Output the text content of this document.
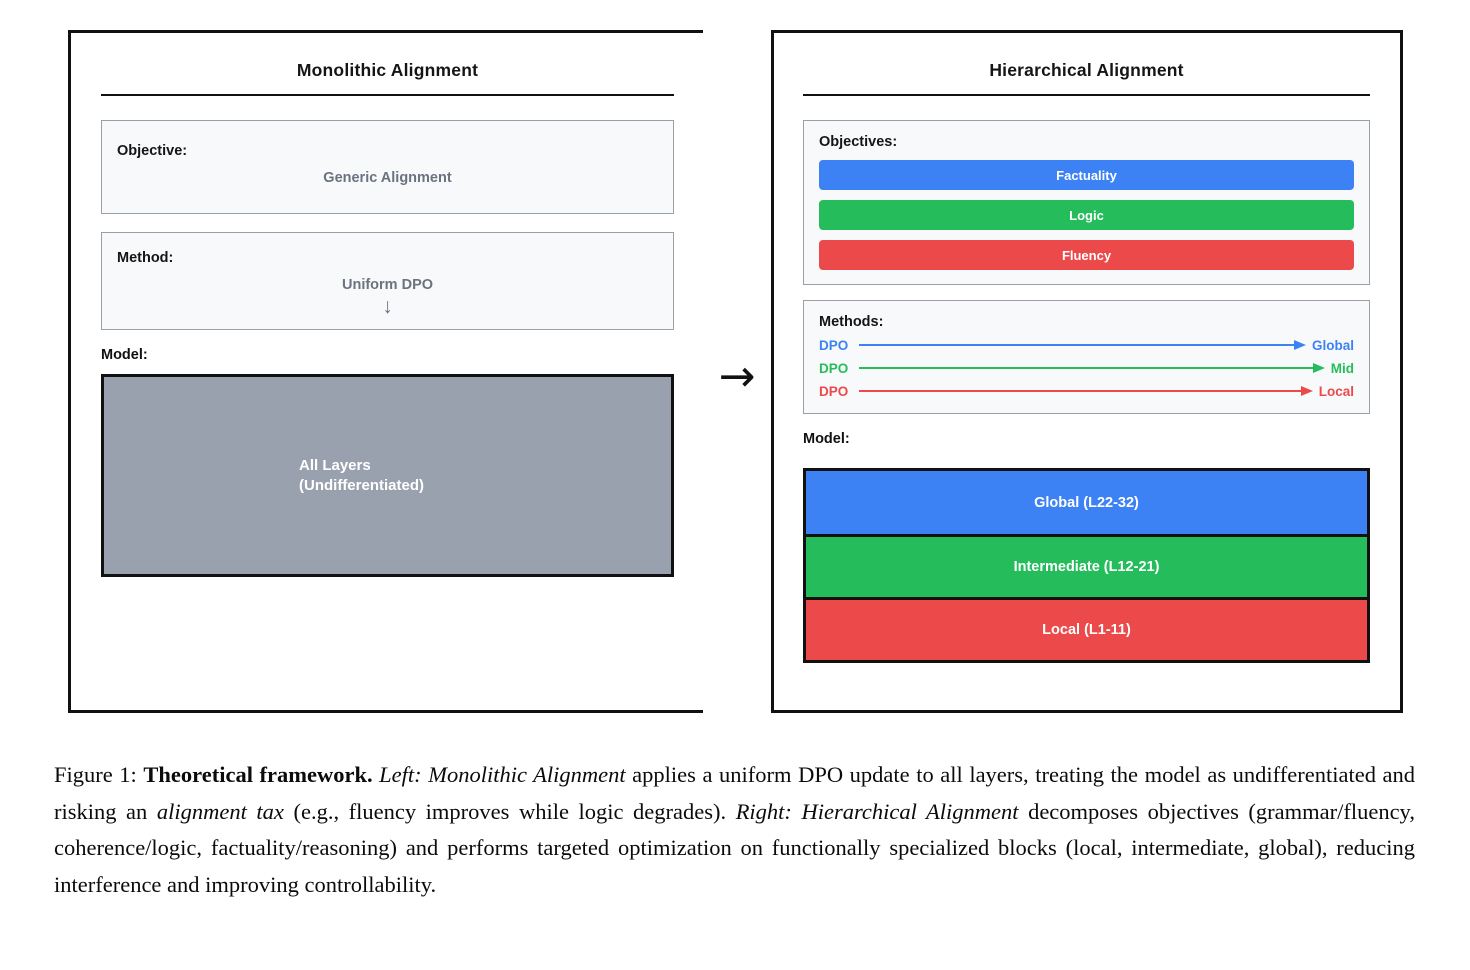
Monolithic Alignment
Objective:
Generic Alignment
Method:
Uniform DPO
↓
Model:
All Layers
(Undifferentiated)
→
Hierarchical Alignment
Objectives:
Factuality
Logic
Fluency
Methods:
DPO	Global
DPO	Mid
DPO	Local
Model:
Global (L22-32)
Intermediate (L12-21)
Local (L1-11)

Figure 1: Theoretical framework. Left: Monolithic Alignment applies a uniform DPO update to all layers, treating the model as undifferentiated and risking an alignment tax (e.g., fluency improves while logic degrades). Right: Hierarchical Alignment decomposes objectives (grammar/fluency, coherence/logic, factuality/reasoning) and performs targeted optimization on functionally specialized blocks (local, intermediate, global), reducing interference and improving controllability.
